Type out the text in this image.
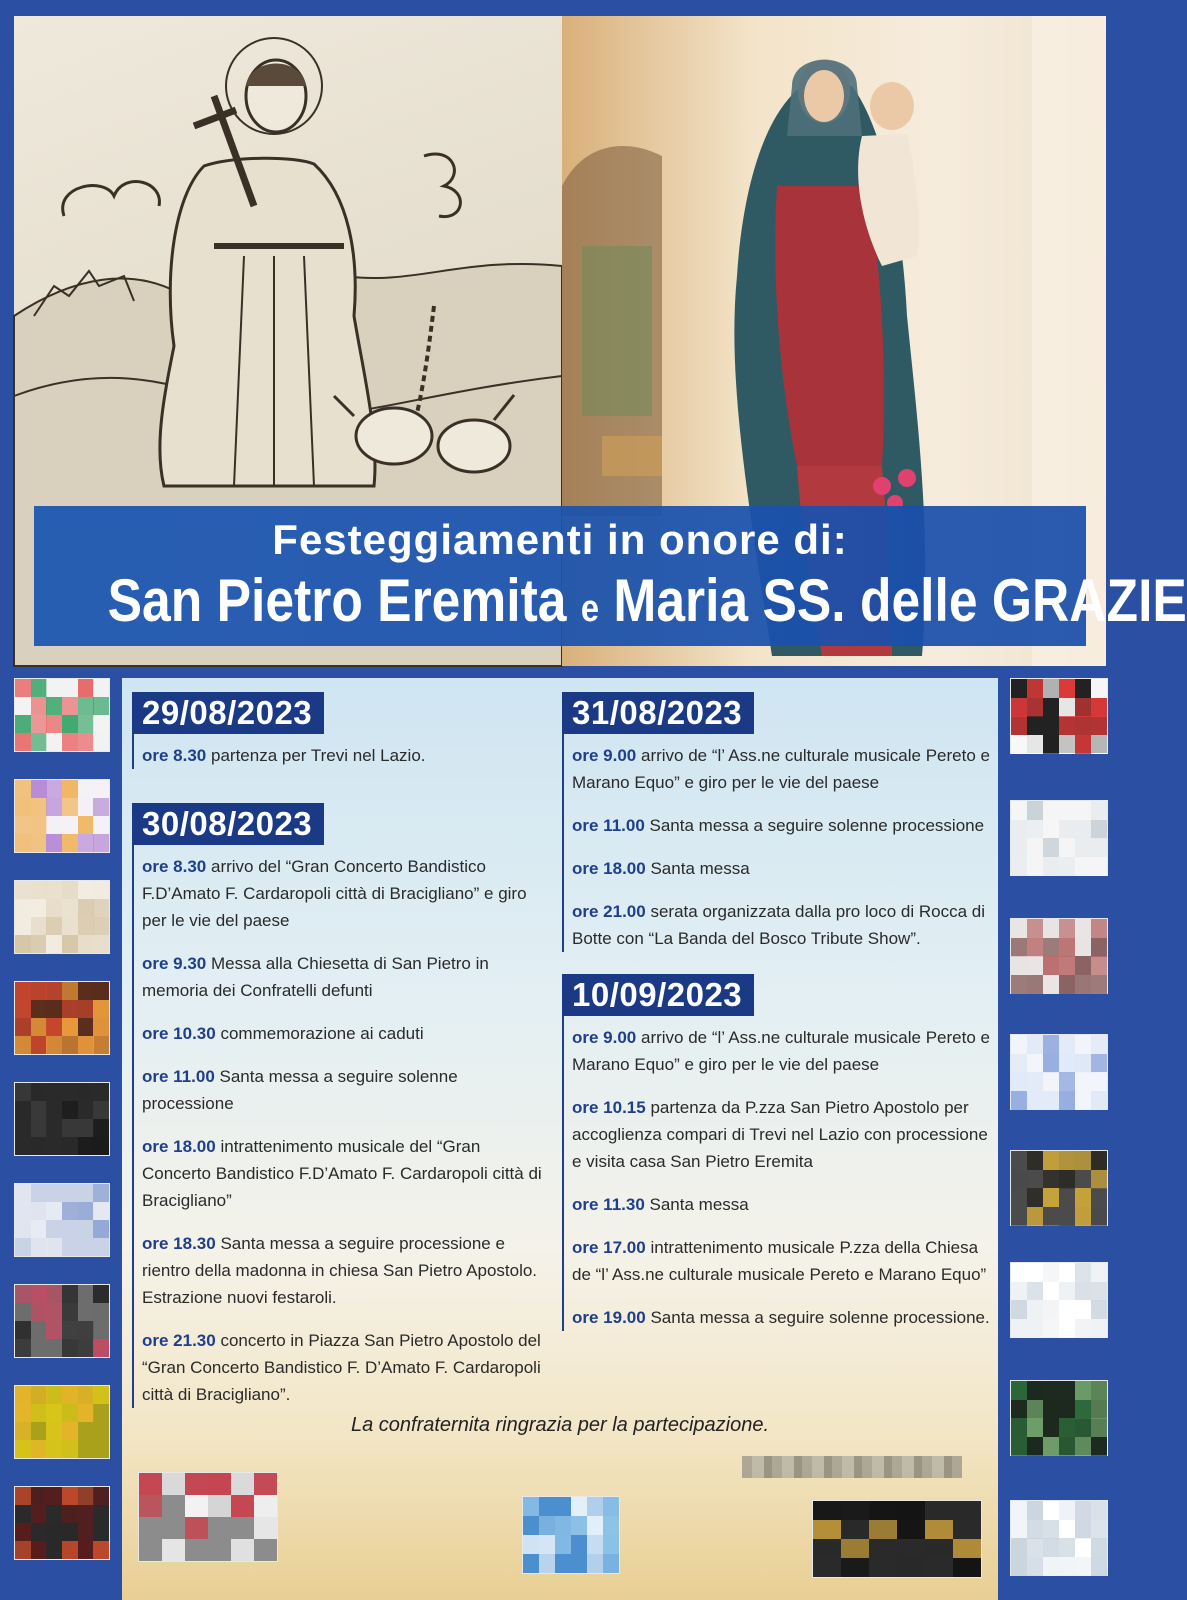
Festeggiamenti in onore di:
San Pietro Eremita e Maria SS. delle GRAZIE
29/08/2023
ore 8.30 partenza per Trevi nel Lazio.
30/08/2023
ore 8.30 arrivo del “Gran Concerto Bandistico F.D’Amato F. Cardaropoli città di Bracigliano” e giro per le vie del paese
ore 9.30 Messa alla Chiesetta di San Pietro in memoria dei Confratelli defunti
ore 10.30 commemorazione ai caduti
ore 11.00 Santa messa a seguire solenne processione
ore 18.00 intrattenimento musicale del “Gran Concerto Bandistico F.D’Amato F. Cardaropoli città di Bracigliano”
ore 18.30 Santa messa a seguire processione e rientro della madonna in chiesa San Pietro Apostolo. Estrazione nuovi festaroli.
ore 21.30 concerto in Piazza San Pietro Apostolo del “Gran Concerto Bandistico F. D’Amato F. Cardaropoli città di Bracigliano”.
31/08/2023
ore 9.00 arrivo de “l’ Ass.ne culturale musicale Pereto e Marano Equo” e giro per le vie del paese
ore 11.00 Santa messa a seguire solenne processione
ore 18.00 Santa messa
ore 21.00 serata organizzata dalla pro loco di Rocca di Botte con “La Banda del Bosco Tribute Show”.
10/09/2023
ore 9.00 arrivo de “l’ Ass.ne culturale musicale Pereto e Marano Equo” e giro per le vie del paese
ore 10.15 partenza da P.zza San Pietro Apostolo per accoglienza compari di Trevi nel Lazio con processione e visita casa San Pietro Eremita
ore 11.30 Santa messa
ore 17.00 intrattenimento musicale P.zza della Chiesa de “l’ Ass.ne culturale musicale Pereto e Marano Equo”
ore 19.00 Santa messa a seguire solenne processione.
La confraternita ringrazia per la partecipazione.
